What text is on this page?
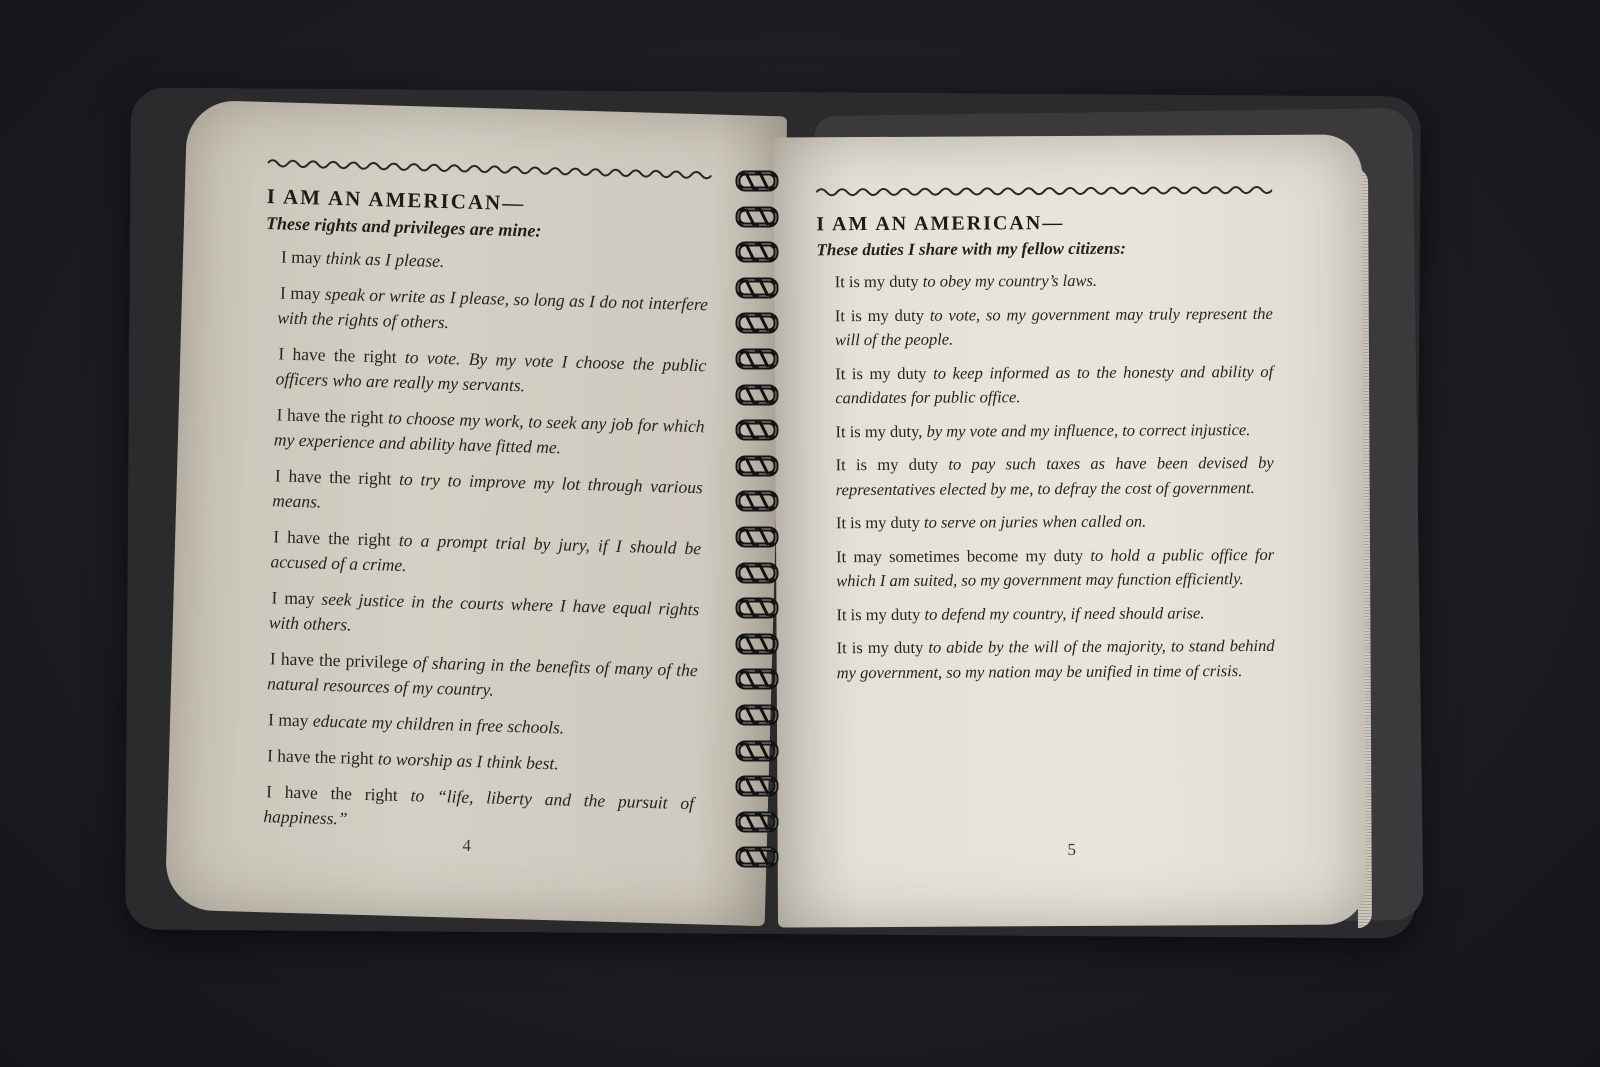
I AM AN AMERICAN—

These rights and privileges are mine:

I may think as I please.

I may speak or write as I please, so long as I do not interfere with the rights of others.

I have the right to vote. By my vote I choose the public officers who are really my servants.

I have the right to choose my work, to seek any job for which my experience and ability have fitted me.

I have the right to try to improve my lot through various means.

I have the right to a prompt trial by jury, if I should be accused of a crime.

I may seek justice in the courts where I have equal rights with others.

I have the privilege of sharing in the benefits of many of the natural resources of my country.

I may educate my children in free schools.

I have the right to worship as I think best.

I have the right to “life, liberty and the pursuit of happiness.”

4

I AM AN AMERICAN—

These duties I share with my fellow citizens:

It is my duty to obey my country’s laws.

It is my duty to vote, so my government may truly represent the will of the people.

It is my duty to keep informed as to the honesty and ability of candidates for public office.

It is my duty, by my vote and my influence, to correct injustice.

It is my duty to pay such taxes as have been devised by representatives elected by me, to defray the cost of government.

It is my duty to serve on juries when called on.

It may sometimes become my duty to hold a public office for which I am suited, so my government may function efficiently.

It is my duty to defend my country, if need should arise.

It is my duty to abide by the will of the majority, to stand behind my government, so my nation may be unified in time of crisis.

5
